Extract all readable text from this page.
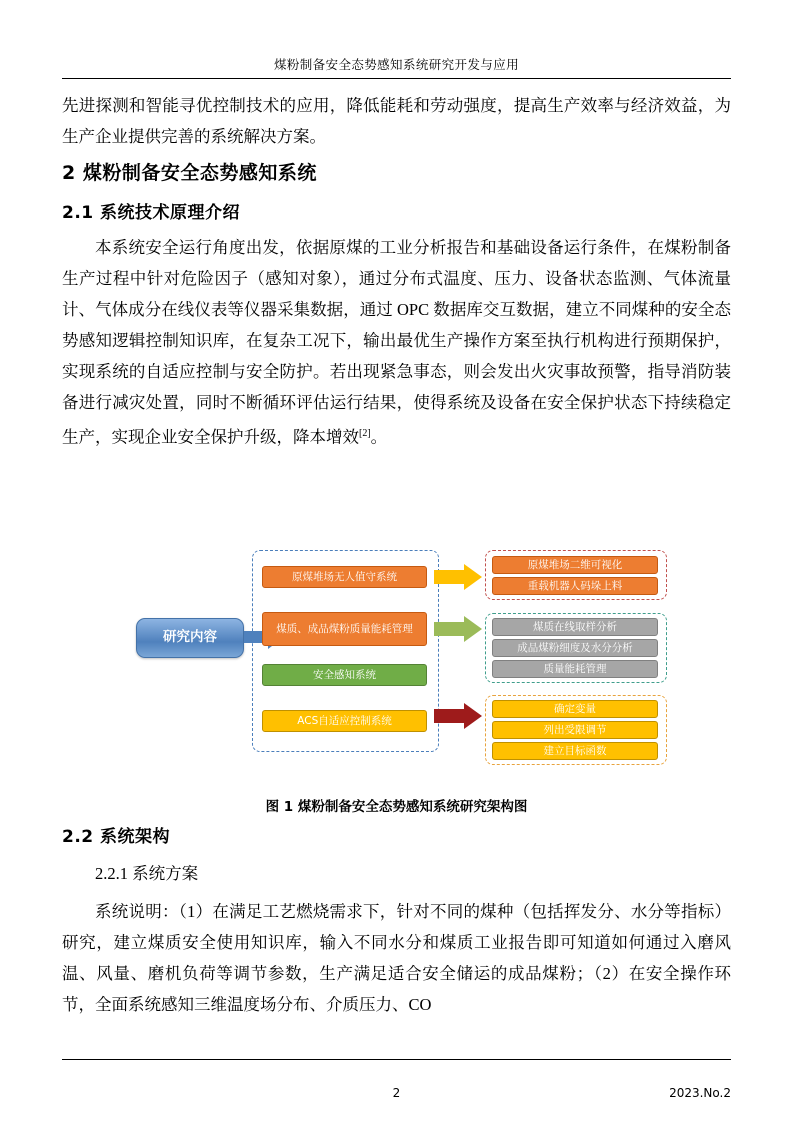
煤粉制备安全态势感知系统研究开发与应用
先进探测和智能寻优控制技术的应用，降低能耗和劳动强度，提高生产效率与经济效益，为生产企业提供完善的系统解决方案。
2 煤粉制备安全态势感知系统
2.1 系统技术原理介绍
本系统安全运行角度出发，依据原煤的工业分析报告和基础设备运行条件，在煤粉制备生产过程中针对危险因子（感知对象），通过分布式温度、压力、设备状态监测、气体流量计、气体成分在线仪表等仪器采集数据，通过 OPC 数据库交互数据，建立不同煤种的安全态势感知逻辑控制知识库，在复杂工况下，输出最优生产操作方案至执行机构进行预期保护，实现系统的自适应控制与安全防护。若出现紧急事态，则会发出火灾事故预警，指导消防装备进行减灾处置，同时不断循环评估运行结果，使得系统及设备在安全保护状态下持续稳定生产，实现企业安全保护升级，降本增效[2]。
研究内容
原煤堆场无人值守系统
煤质、成品煤粉质量能耗管理
安全感知系统
ACS自适应控制系统
原煤堆场二维可视化
重载机器人码垛上料
煤质在线取样分析
成品煤粉细度及水分分析
质量能耗管理
确定变量
列出受限调节
建立目标函数
图 1 煤粉制备安全态势感知系统研究架构图
2.2 系统架构
2.2.1 系统方案
系统说明：（1）在满足工艺燃烧需求下，针对不同的煤种（包括挥发分、水分等指标）研究，建立煤质安全使用知识库，输入不同水分和煤质工业报告即可知道如何通过入磨风温、风量、磨机负荷等调节参数，生产满足适合安全储运的成品煤粉；（2）在安全操作环节，全面系统感知三维温度场分布、介质压力、CO
2	2023.No.2
